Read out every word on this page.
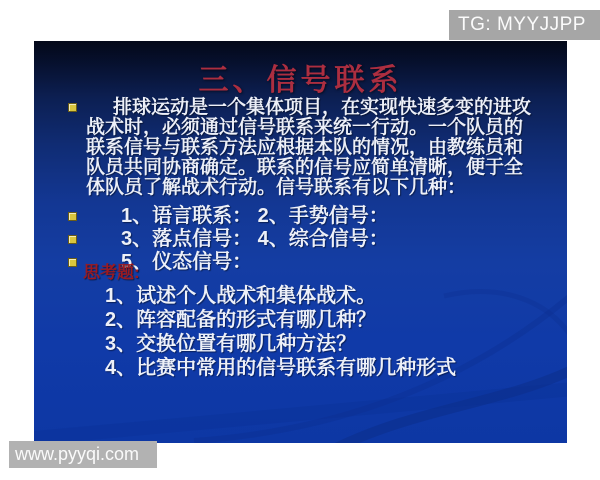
TG: MYYJJPP
三、信号联系

排球运动是一个集体项目，在实现快速多变的进攻战术时，必须通过信号联系来统一行动。一个队员的联系信号与联系方法应根据本队的情况，由教练员和队员共同协商确定。联系的信号应简单清晰，便于全体队员了解战术行动。信号联系有以下几种：

1、语言联系： 2、手势信号：
3、落点信号： 4、综合信号：
5、仪态信号：
思考题:
1、试述个人战术和集体战术。
2、阵容配备的形式有哪几种？
3、交换位置有哪几种方法？
4、比赛中常用的信号联系有哪几种形式
www.pyyqi.com
